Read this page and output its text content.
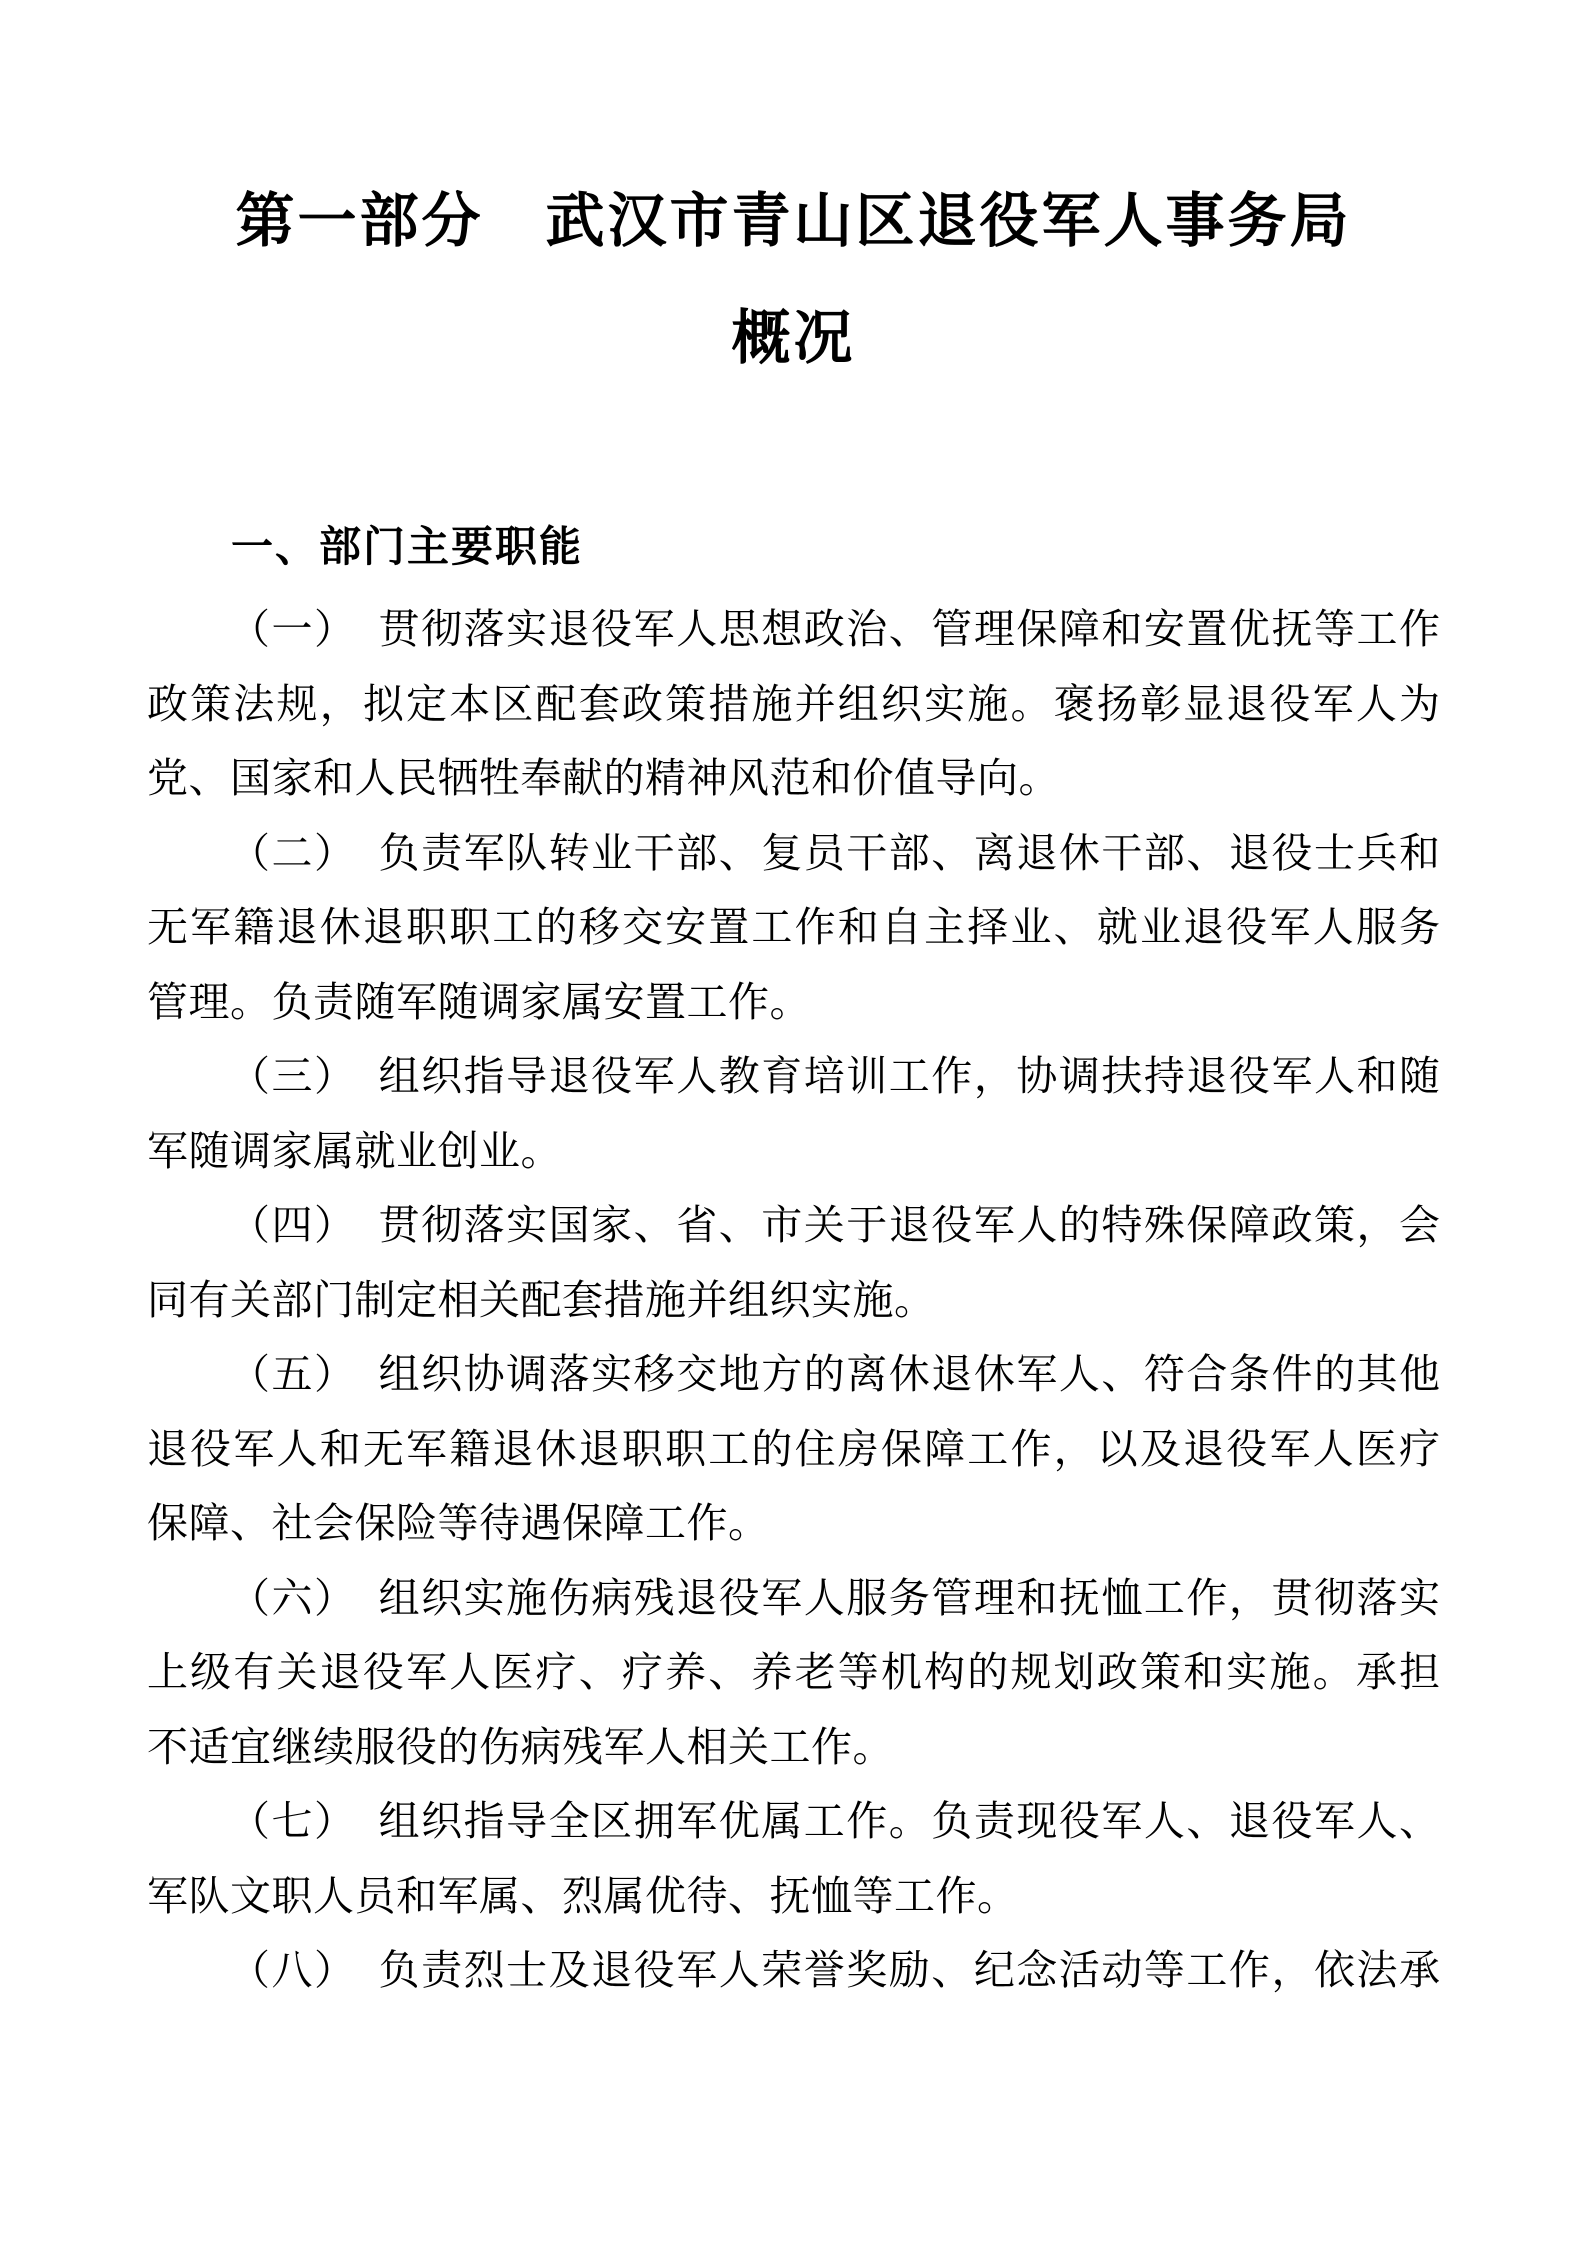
第一部分　武汉市青山区退役军人事务局
概况
一、部门主要职能
（一）　贯彻落实退役军人思想政治、管理保障和安置优抚等工作
政策法规，拟定本区配套政策措施并组织实施。褒扬彰显退役军人为
党、国家和人民牺牲奉献的精神风范和价值导向。
（二）　负责军队转业干部、复员干部、离退休干部、退役士兵和
无军籍退休退职职工的移交安置工作和自主择业、就业退役军人服务
管理。负责随军随调家属安置工作。
（三）　组织指导退役军人教育培训工作，协调扶持退役军人和随
军随调家属就业创业。
（四）　贯彻落实国家、省、市关于退役军人的特殊保障政策，会
同有关部门制定相关配套措施并组织实施。
（五）　组织协调落实移交地方的离休退休军人、符合条件的其他
退役军人和无军籍退休退职职工的住房保障工作，以及退役军人医疗
保障、社会保险等待遇保障工作。
（六）　组织实施伤病残退役军人服务管理和抚恤工作，贯彻落实
上级有关退役军人医疗、疗养、养老等机构的规划政策和实施。承担
不适宜继续服役的伤病残军人相关工作。
（七）　组织指导全区拥军优属工作。负责现役军人、退役军人、
军队文职人员和军属、烈属优待、抚恤等工作。
（八）　负责烈士及退役军人荣誉奖励、纪念活动等工作，依法承
